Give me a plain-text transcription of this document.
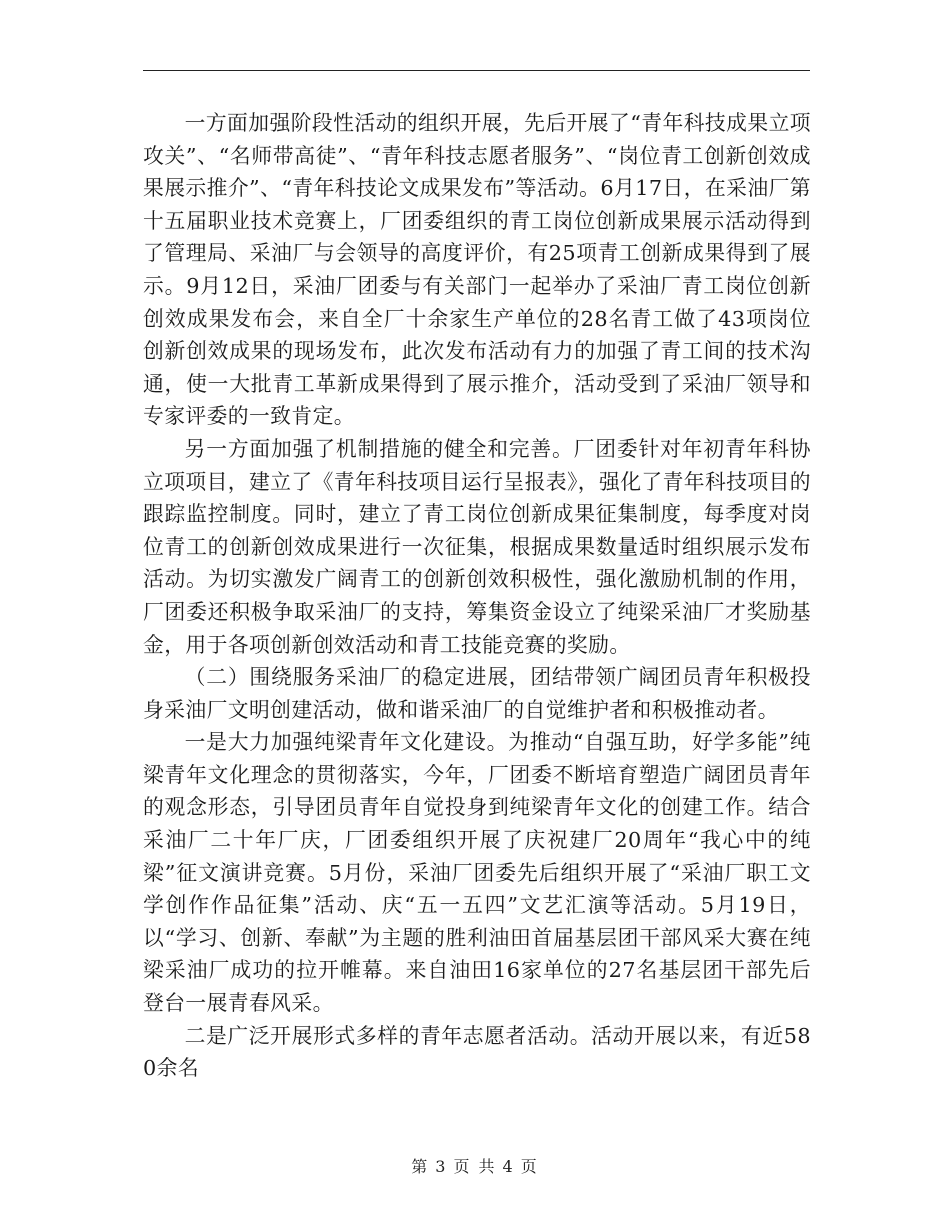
一方面加强阶段性活动的组织开展，先后开展了“青年科技成果立项攻关”、“名师带高徒”、“青年科技志愿者服务”、“岗位青工创新创效成果展示推介”、“青年科技论文成果发布”等活动。6月17日，在采油厂第十五届职业技术竞赛上，厂团委组织的青工岗位创新成果展示活动得到了管理局、采油厂与会领导的高度评价，有25项青工创新成果得到了展示。9月12日，采油厂团委与有关部门一起举办了采油厂青工岗位创新创效成果发布会，来自全厂十余家生产单位的28名青工做了43项岗位创新创效成果的现场发布，此次发布活动有力的加强了青工间的技术沟通，使一大批青工革新成果得到了展示推介，活动受到了采油厂领导和专家评委的一致肯定。

另一方面加强了机制措施的健全和完善。厂团委针对年初青年科协立项项目，建立了《青年科技项目运行呈报表》，强化了青年科技项目的跟踪监控制度。同时，建立了青工岗位创新成果征集制度，每季度对岗位青工的创新创效成果进行一次征集，根据成果数量适时组织展示发布活动。为切实激发广阔青工的创新创效积极性，强化激励机制的作用，厂团委还积极争取采油厂的支持，筹集资金设立了纯梁采油厂才奖励基金，用于各项创新创效活动和青工技能竞赛的奖励。

（二）围绕服务采油厂的稳定进展，团结带领广阔团员青年积极投身采油厂文明创建活动，做和谐采油厂的自觉维护者和积极推动者。

一是大力加强纯梁青年文化建设。为推动“自强互助，好学多能”纯梁青年文化理念的贯彻落实，今年，厂团委不断培育塑造广阔团员青年的观念形态，引导团员青年自觉投身到纯梁青年文化的创建工作。结合采油厂二十年厂庆，厂团委组织开展了庆祝建厂20周年“我心中的纯梁”征文演讲竞赛。5月份，采油厂团委先后组织开展了“采油厂职工文学创作作品征集”活动、庆“五一五四”文艺汇演等活动。5月19日，以“学习、创新、奉献”为主题的胜利油田首届基层团干部风采大赛在纯梁采油厂成功的拉开帷幕。来自油田16家单位的27名基层团干部先后登台一展青春风采。

二是广泛开展形式多样的青年志愿者活动。活动开展以来，有近580余名

第 3 页 共 4 页
